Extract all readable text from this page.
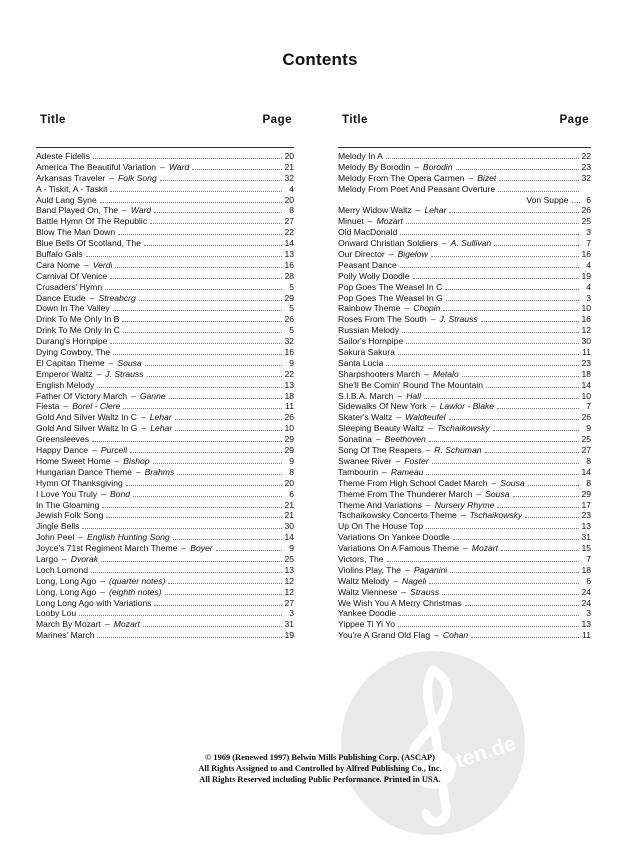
Contents
Title	Page
Adeste Fidelis	20
America The Beautiful Variation – Ward	21
Arkansas Traveler – Folk Song	32
A - Tiskit, A - Taskit	4
Auld Lang Syne	20
Band Played On, The – Ward	8
Battle Hymn Of The Republic	27
Blow The Man Down	22
Blue Bells Of Scotland, The	14
Buffalo Gals	13
Cara Nome – Verdi	16
Carnival Of Venice	28
Crusaders' Hymn	5
Dance Etude – Streabcrg	29
Down In The Valley	5
Drink To Me Only In B	26
Drink To Me Only In C	5
Durang's Hornpipe	32
Dying Cowboy, The	16
El Capitan Theme – Sousa	9
Emperor Waltz – J. Strauss	22
English Melody	13
Father Of Victory March – Ganne	18
Fiesta – Borel - Clere	11
Gold And Silver Waltz In C – Lehar	26
Gold And Silver Waltz In G – Lehar	10
Greensleeves	29
Happy Dance – Purcell	29
Home Sweet Home – Bishop	9
Hungarian Dance Theme – Brahms	8
Hymn Of Thanksgiving	20
I Love You Truly – Bond	6
In The Gloaming	21
Jewish Folk Song	21
Jingle Bells	30
John Peel – English Hunting Song	14
Joyce's 71st Regiment March Theme – Boyer	9
Largo – Dvorak	25
Loch Lomond	13
Long, Long Ago – (quarter notes)	12
Long, Long Ago – (eighth notes)	12
Long Long Ago with Variations	27
Looby Lou	3
March By Mozart – Mozart	31
Marines' March	19
Title	Page
Melody In A	22
Melody By Borodin – Borodin	23
Melody From The Opera Carmen – Bizet	32
Melody From Poet And Peasant Overture
Von Suppe .... 6
Merry Widow Waltz – Lehar	26
Minuet – Mozart	25
Old MacDonald	3
Onward Christian Soldiers – A. Sullivan	7
Our Director – Bigelow	16
Peasant Dance	4
Polly Wolly Doodle	19
Pop Goes The Weasel In C	4
Pop Goes The Weasel In G	3
Rainbow Theme – Chopin	10
Roses From The South – J. Strauss	16
Russian Melody	12
Sailor's Hornpipe	30
Sakura Sakura	11
Santa Lucia	23
Sharpshooters March – Metalo	18
She'll Be Comin' Round The Mountain	14
S.I.B.A. March – Hall	10
Sidewalks Of New York – Lawlor - Blake	7
Skater's Waltz – Waldteufel	26
Sleeping Beauty Waltz – Tschaikowsky	9
Sonatina – Beethoven	25
Song Of The Reapers – R. Schuman	27
Swanee River – Foster	8
Tambourin – Rameau	14
Theme From High School Cadet March – Sousa	8
Theme From The Thunderer March – Sousa	29
Theme And Variations – Nursery Rhyme	17
Tschaikowsky Concerto Theme – Tschaikowsky	23
Up On The House Top	13
Variations On Yankee Doodle	31
Variations On A Famous Theme – Mozart	15
Victors, The	7
Violins Play, The – Paganini	18
Waltz Melody – Nageli	6
Waltz Viennese – Strauss	24
We Wish You A Merry Christmas	24
Yankee Doodle	3
Yippee Ti Yi Yo	13
You're A Grand Old Flag – Cohan	11
noten.de
© 1969 (Renewed 1997) Belwin Mills Publishing Corp. (ASCAP)
All Rights Assigned to and Controlled by Alfred Publishing Co., Inc.
All Rights Reserved including Public Performance. Printed in USA.
